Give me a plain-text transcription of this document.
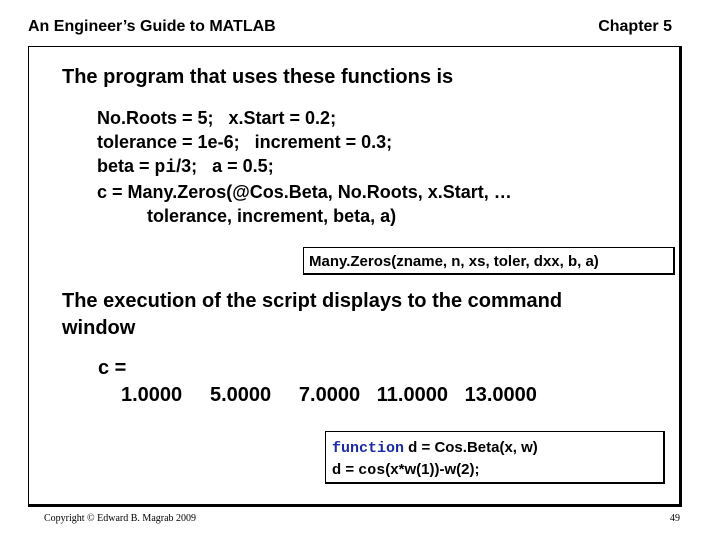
An Engineer’s Guide to MATLAB	Chapter 5
The program that uses these functions is
No.Roots = 5;   x.Start = 0.2;
tolerance = 1e-6;   increment = 0.3;
beta = pi/3;   a = 0.5;
c = Many.Zeros(@Cos.Beta, No.Roots, x.Start, …
tolerance, increment, beta, a)
Many.Zeros(zname, n, xs, toler, dxx, b, a)
The execution of the script displays to the command
window
c =
1.0000     5.0000     7.0000   11.0000   13.0000
function d = Cos.Beta(x, w)
d = cos(x*w(1))-w(2);
Copyright © Edward B. Magrab 2009	49
